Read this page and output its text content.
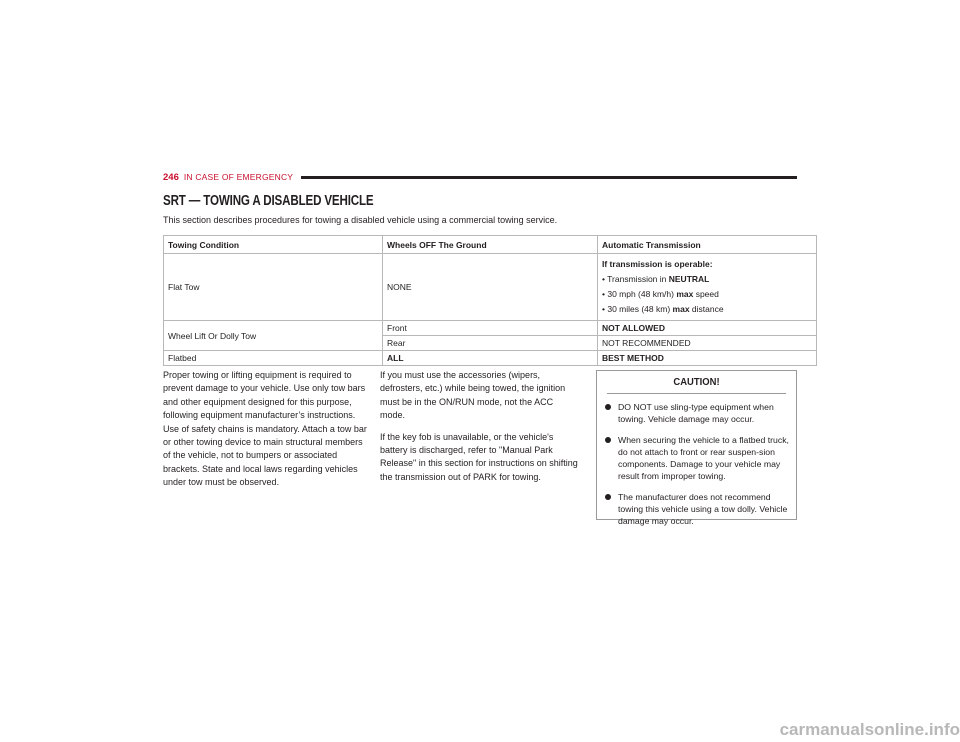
246 IN CASE OF EMERGENCY
SRT — TOWING A DISABLED VEHICLE

This section describes procedures for towing a disabled vehicle using a commercial towing service.

Towing Condition	Wheels OFF The Ground	Automatic Transmission
Flat Tow	NONE	If transmission is operable:
• Transmission in NEUTRAL
• 30 mph (48 km/h) max speed
• 30 miles (48 km) max distance

Wheel Lift Or Dolly Tow	Front	NOT ALLOWED
	Rear	NOT RECOMMENDED
Flatbed	ALL	BEST METHOD

Proper towing or lifting equipment is required to prevent damage to your vehicle. Use only tow bars and other equipment designed for this purpose, following equipment manufacturer’s instructions. Use of safety chains is mandatory. Attach a tow bar or other towing device to main structural members of the vehicle, not to bumpers or associated brackets. State and local laws regarding vehicles under tow must be observed.

If you must use the accessories (wipers, defrosters, etc.) while being towed, the ignition must be in the ON/RUN mode, not the ACC mode.

If the key fob is unavailable, or the vehicle's battery is discharged, refer to "Manual Park Release" in this section for instructions on shifting the transmission out of PARK for towing.

CAUTION!
DO NOT use sling-type equipment when towing. Vehicle damage may occur.
When securing the vehicle to a flatbed truck, do not attach to front or rear suspen-sion components. Damage to your vehicle may result from improper towing.
The manufacturer does not recommend towing this vehicle using a tow dolly. Vehicle damage may occur.
carmanualsonline.info
